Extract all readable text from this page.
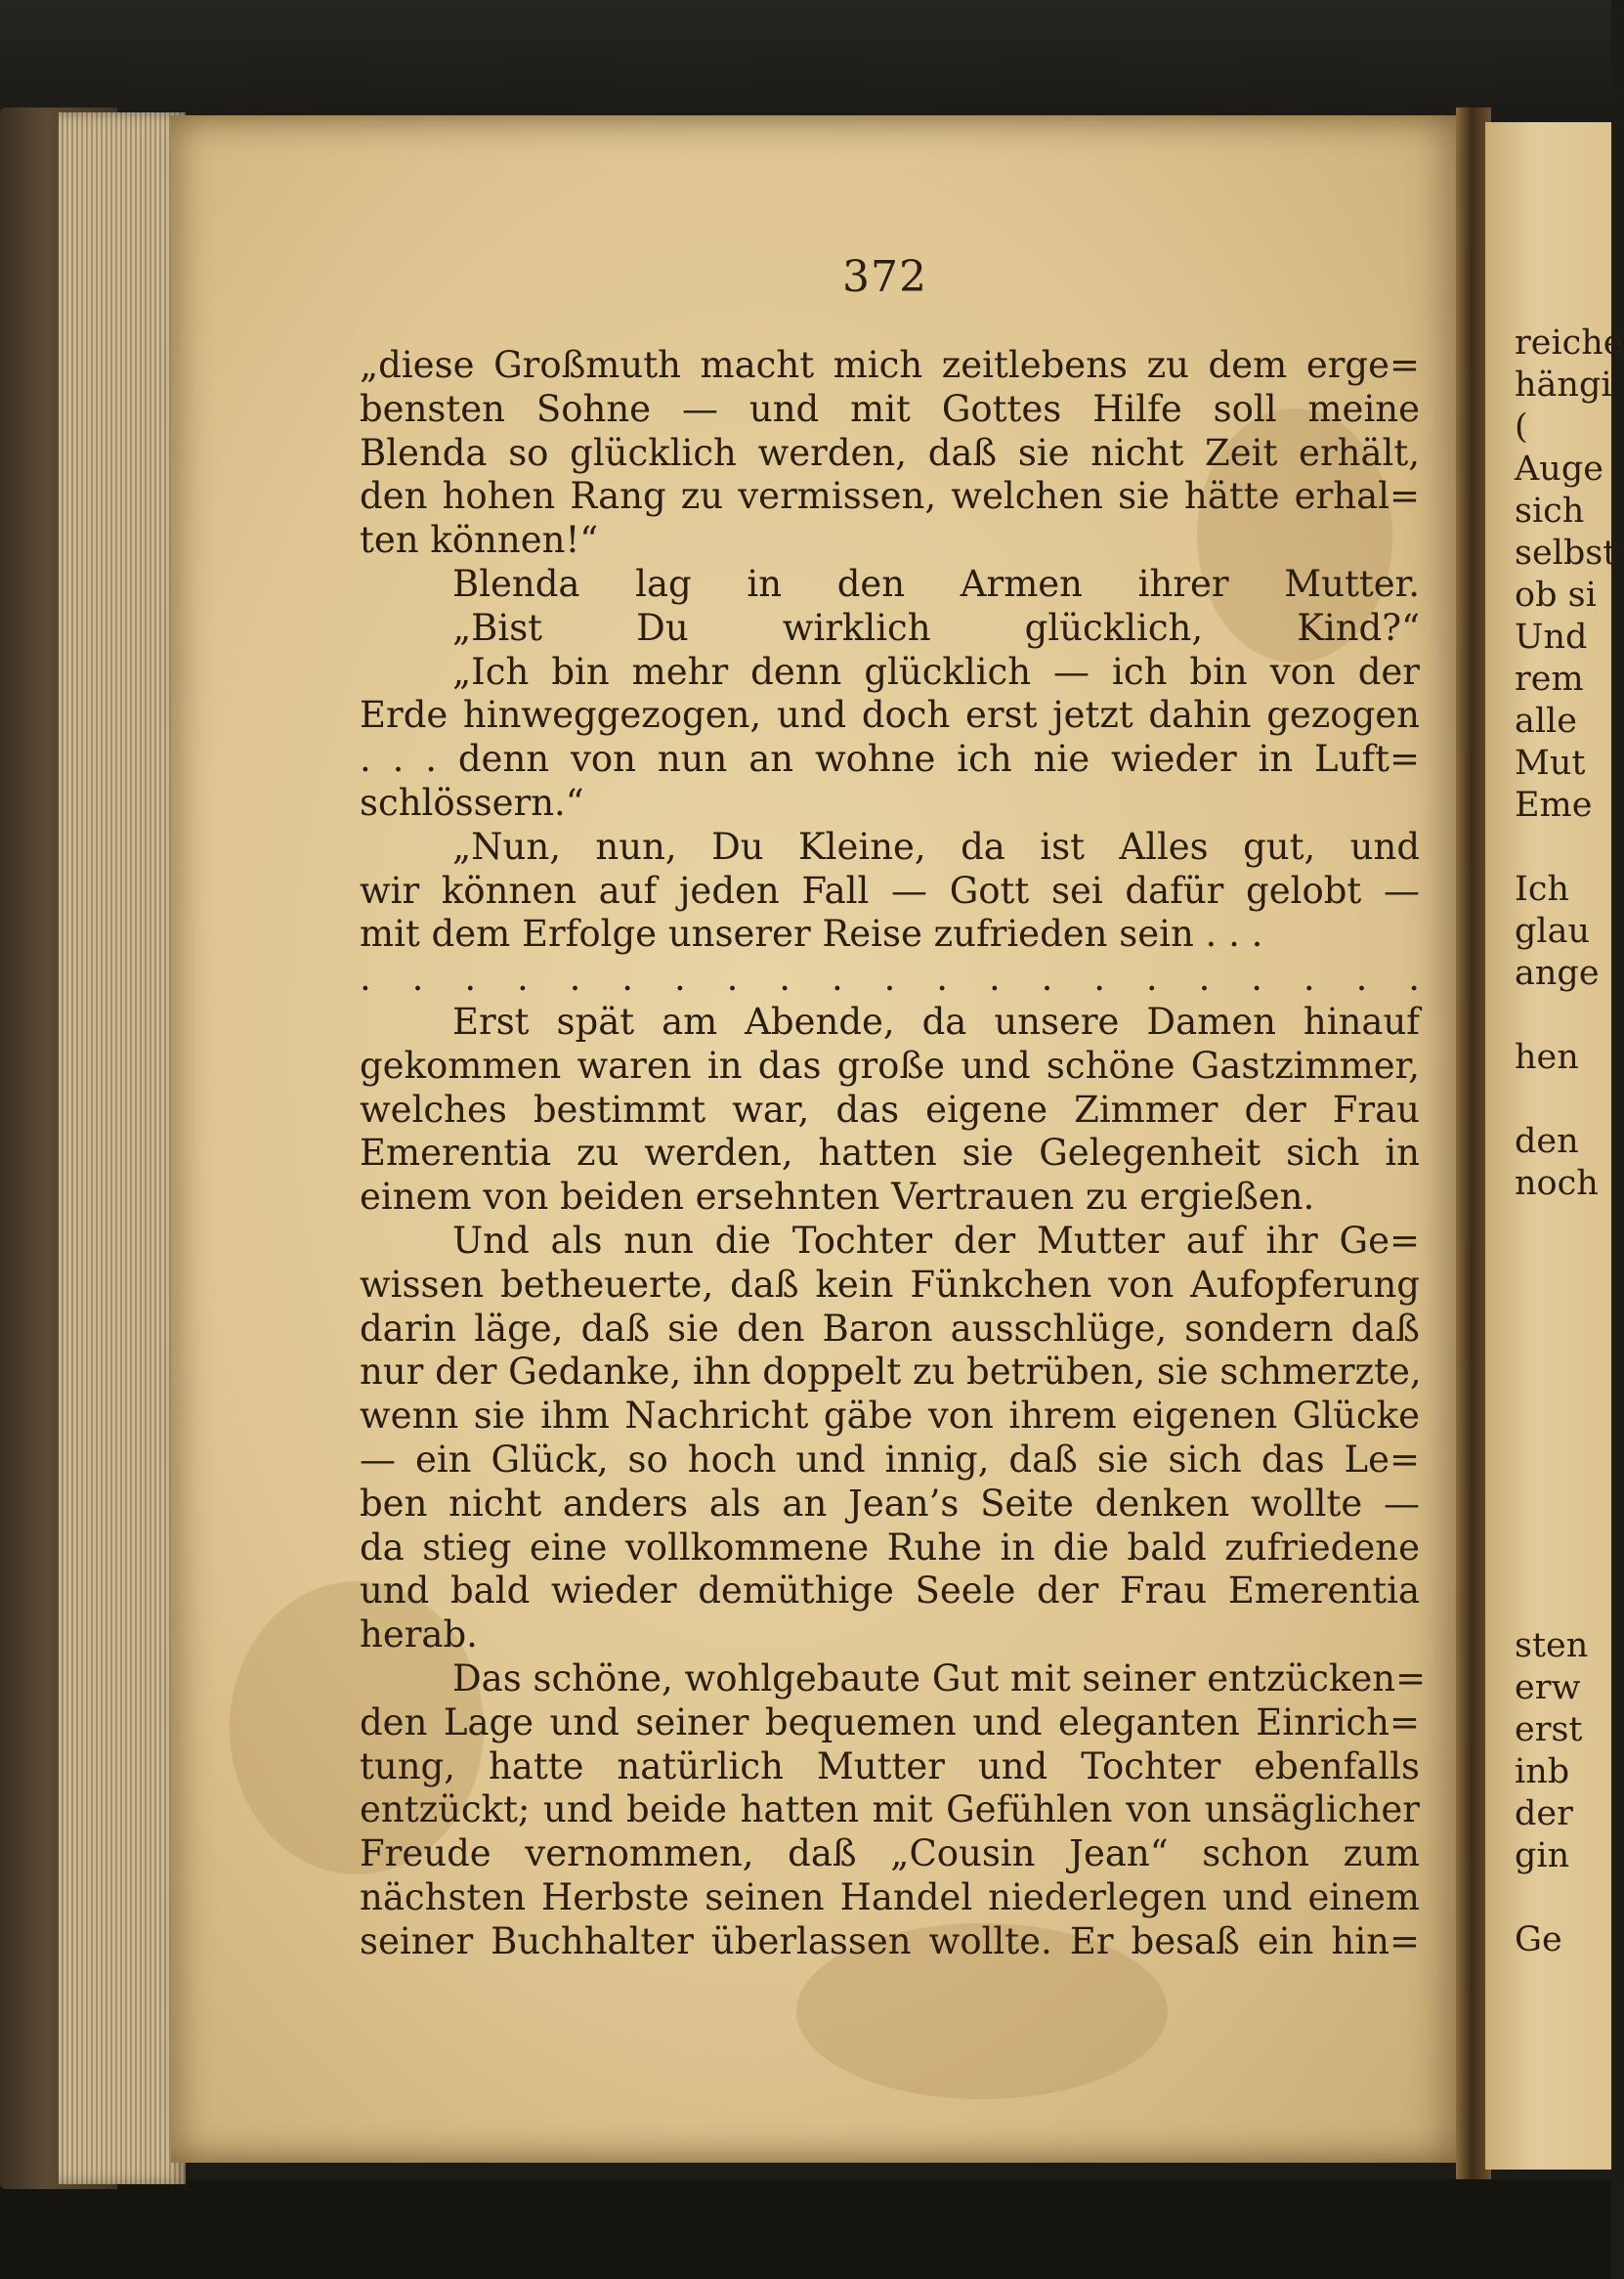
reiche
hängi
(
Auge
sich
selbst
ob si
Und
rem
alle
Mut
Eme
Ich
glau
ange
hen
den
noch
sten
erw
erst
inb
der
gin
Ge
372
„diese Großmuth macht mich zeitlebens zu dem erge=
bensten Sohne — und mit Gottes Hilfe soll meine
Blenda so glücklich werden, daß sie nicht Zeit erhält,
den hohen Rang zu vermissen, welchen sie hätte erhal=
ten können!“
Blenda lag in den Armen ihrer Mutter.
„Bist Du wirklich glücklich, Kind?“
„Ich bin mehr denn glücklich — ich bin von der
Erde hinweggezogen, und doch erst jetzt dahin gezogen
. . . denn von nun an wohne ich nie wieder in Luft=
schlössern.“
„Nun, nun, Du Kleine, da ist Alles gut, und
wir können auf jeden Fall — Gott sei dafür gelobt —
mit dem Erfolge unserer Reise zufrieden sein . . .
. . . . . . . . . . . . . . . . . . . . .
Erst spät am Abende, da unsere Damen hinauf
gekommen waren in das große und schöne Gastzimmer,
welches bestimmt war, das eigene Zimmer der Frau
Emerentia zu werden, hatten sie Gelegenheit sich in
einem von beiden ersehnten Vertrauen zu ergießen.
Und als nun die Tochter der Mutter auf ihr Ge=
wissen betheuerte, daß kein Fünkchen von Aufopferung
darin läge, daß sie den Baron ausschlüge, sondern daß
nur der Gedanke, ihn doppelt zu betrüben, sie schmerzte,
wenn sie ihm Nachricht gäbe von ihrem eigenen Glücke
— ein Glück, so hoch und innig, daß sie sich das Le=
ben nicht anders als an Jean’s Seite denken wollte —
da stieg eine vollkommene Ruhe in die bald zufriedene
und bald wieder demüthige Seele der Frau Emerentia
herab.
Das schöne, wohlgebaute Gut mit seiner entzücken=
den Lage und seiner bequemen und eleganten Einrich=
tung, hatte natürlich Mutter und Tochter ebenfalls
entzückt; und beide hatten mit Gefühlen von unsäglicher
Freude vernommen, daß „Cousin Jean“ schon zum
nächsten Herbste seinen Handel niederlegen und einem
seiner Buchhalter überlassen wollte. Er besaß ein hin=
